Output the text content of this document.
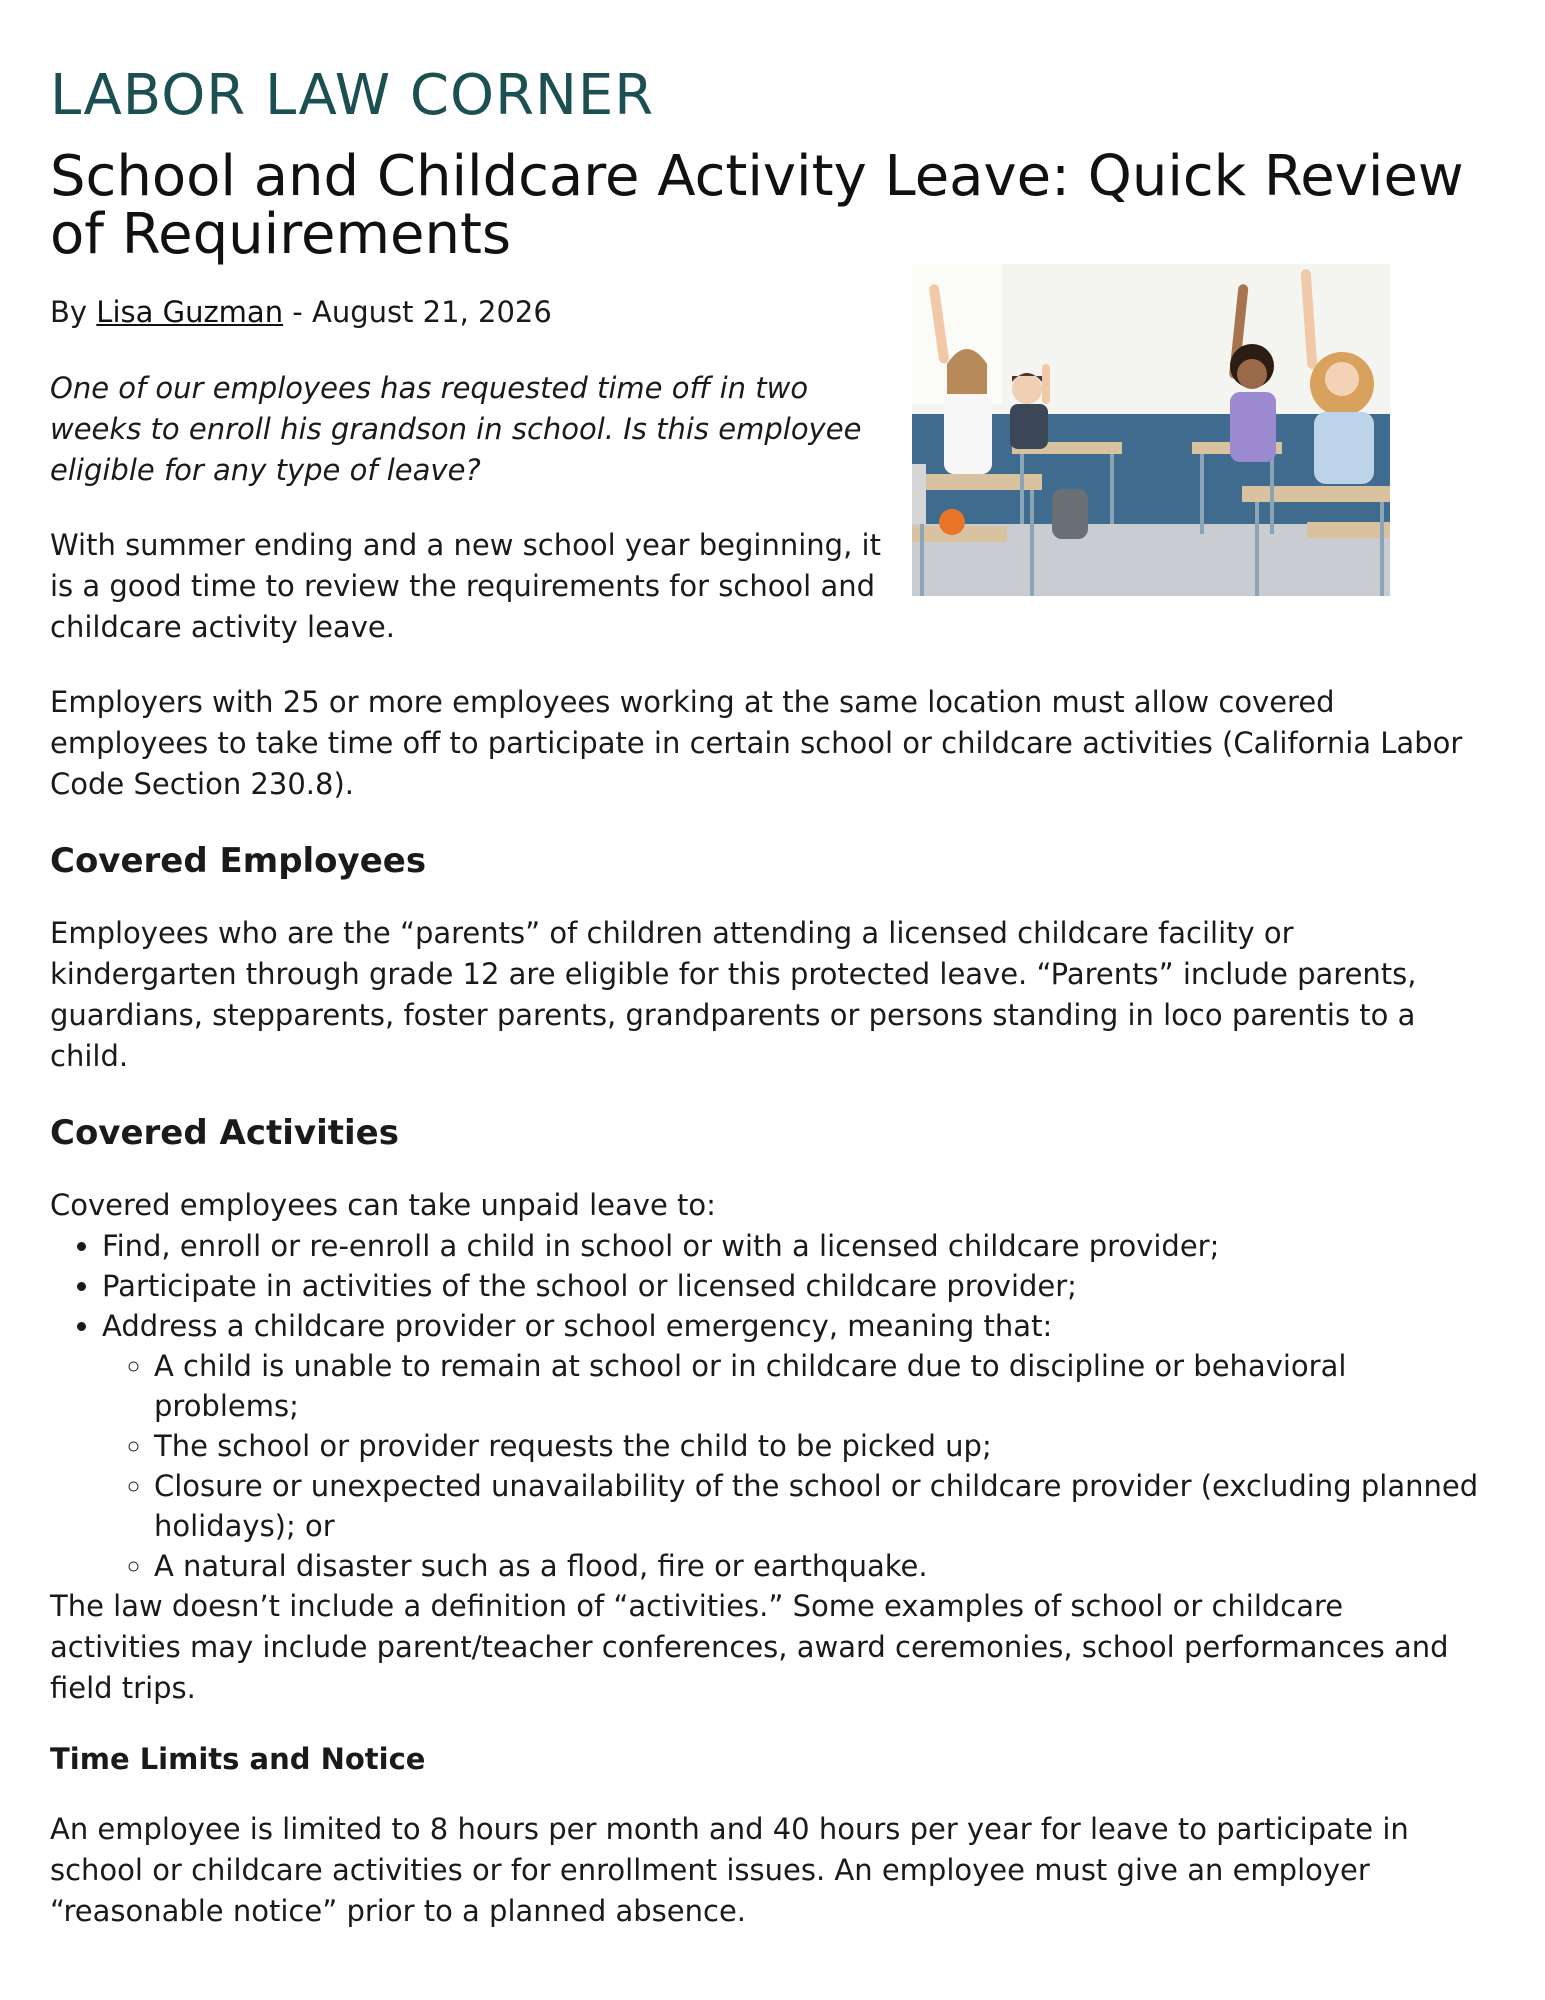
LABOR LAW CORNER
School and Childcare Activity Leave: Quick Review of Requirements
By Lisa Guzman - August 21, 2026

One of our employees has requested time off in two weeks to enroll his grandson in school. Is this employee eligible for any type of leave?

With summer ending and a new school year beginning, it is a good time to review the requirements for school and childcare activity leave.

Employers with 25 or more employees working at the same location must allow covered employees to take time off to participate in certain school or childcare activities (California Labor Code Section 230.8).

Covered Employees

Employees who are the “parents” of children attending a licensed childcare facility or kindergarten through grade 12 are eligible for this protected leave. “Parents” include parents, guardians, stepparents, foster parents, grandparents or persons standing in loco parentis to a child.

Covered Activities

Covered employees can take unpaid leave to:

• Find, enroll or re-enroll a child in school or with a licensed childcare provider;
• Participate in activities of the school or licensed childcare provider;
• Address a childcare provider or school emergency, meaning that:
◦ A child is unable to remain at school or in childcare due to discipline or behavioral problems;
◦ The school or provider requests the child to be picked up;
◦ Closure or unexpected unavailability of the school or childcare provider (excluding planned holidays); or
◦ A natural disaster such as a flood, fire or earthquake.

The law doesn’t include a definition of “activities.” Some examples of school or childcare activities may include parent/teacher conferences, award ceremonies, school performances and field trips.

Time Limits and Notice

An employee is limited to 8 hours per month and 40 hours per year for leave to participate in school or childcare activities or for enrollment issues. An employee must give an employer “reasonable notice” prior to a planned absence.
